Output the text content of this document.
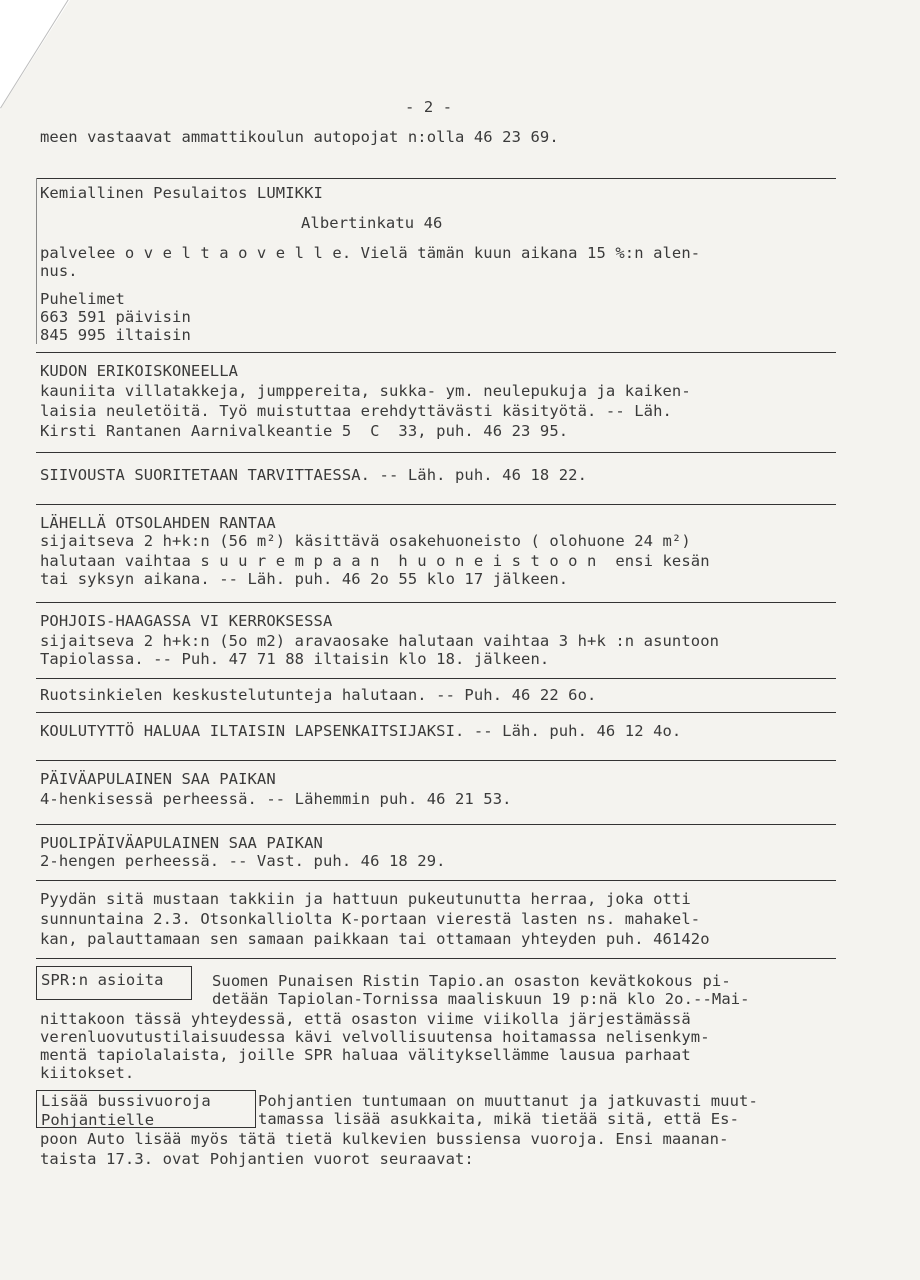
- 2 -
meen vastaavat ammattikoulun autopojat n:olla 46 23 69.
Kemiallinen Pesulaitos LUMIKKI
Albertinkatu 46
palvelee o v e l t a o v e l l e. Vielä tämän kuun aikana 15 %:n alen-
nus.
Puhelimet
663 591 päivisin
845 995 iltaisin
KUDON ERIKOISKONEELLA
kauniita villatakkeja, jumppereita, sukka- ym. neulepukuja ja kaiken-
laisia neuletöitä. Työ muistuttaa erehdyttävästi käsityötä. -- Läh.
Kirsti Rantanen Aarnivalkeantie 5  C  33, puh. 46 23 95.
SIIVOUSTA SUORITETAAN TARVITTAESSA. -- Läh. puh. 46 18 22.
LÄHELLÄ OTSOLAHDEN RANTAA
sijaitseva 2 h+k:n (56 m²) käsittävä osakehuoneisto ( olohuone 24 m²)
halutaan vaihtaa s u u r e m p a a n  h u o n e i s t o o n  ensi kesän
tai syksyn aikana. -- Läh. puh. 46 2o 55 klo 17 jälkeen.
POHJOIS-HAAGASSA VI KERROKSESSA
sijaitseva 2 h+k:n (5o m2) aravaosake halutaan vaihtaa 3 h+k :n asuntoon
Tapiolassa. -- Puh. 47 71 88 iltaisin klo 18. jälkeen.
Ruotsinkielen keskustelutunteja halutaan. -- Puh. 46 22 6o.
KOULUTYTTÖ HALUAA ILTAISIN LAPSENKAITSIJAKSI. -- Läh. puh. 46 12 4o.
PÄIVÄAPULAINEN SAA PAIKAN
4-henkisessä perheessä. -- Lähemmin puh. 46 21 53.
PUOLIPÄIVÄAPULAINEN SAA PAIKAN
2-hengen perheessä. -- Vast. puh. 46 18 29.
Pyydän sitä mustaan takkiin ja hattuun pukeutunutta herraa, joka otti
sunnuntaina 2.3. Otsonkalliolta K-portaan vierestä lasten ns. mahakel-
kan, palauttamaan sen samaan paikkaan tai ottamaan yhteyden puh. 46142o
SPR:n asioita	Suomen Punaisen Ristin Tapio.an osaston kevätkokous pi-
detään Tapiolan-Tornissa maaliskuun 19 p:nä klo 2o.--Mai-
nittakoon tässä yhteydessä, että osaston viime viikolla järjestämässä
verenluovutustilaisuudessa kävi velvollisuutensa hoitamassa nelisenkym-
mentä tapiolalaista, joille SPR haluaa välityksellämme lausua parhaat
kiitokset.
Lisää bussivuoroja
Pohjantielle
Pohjantien tuntumaan on muuttanut ja jatkuvasti muut-
tamassa lisää asukkaita, mikä tietää sitä, että Es-
poon Auto lisää myös tätä tietä kulkevien bussiensa vuoroja. Ensi maanan-
taista 17.3. ovat Pohjantien vuorot seuraavat:
